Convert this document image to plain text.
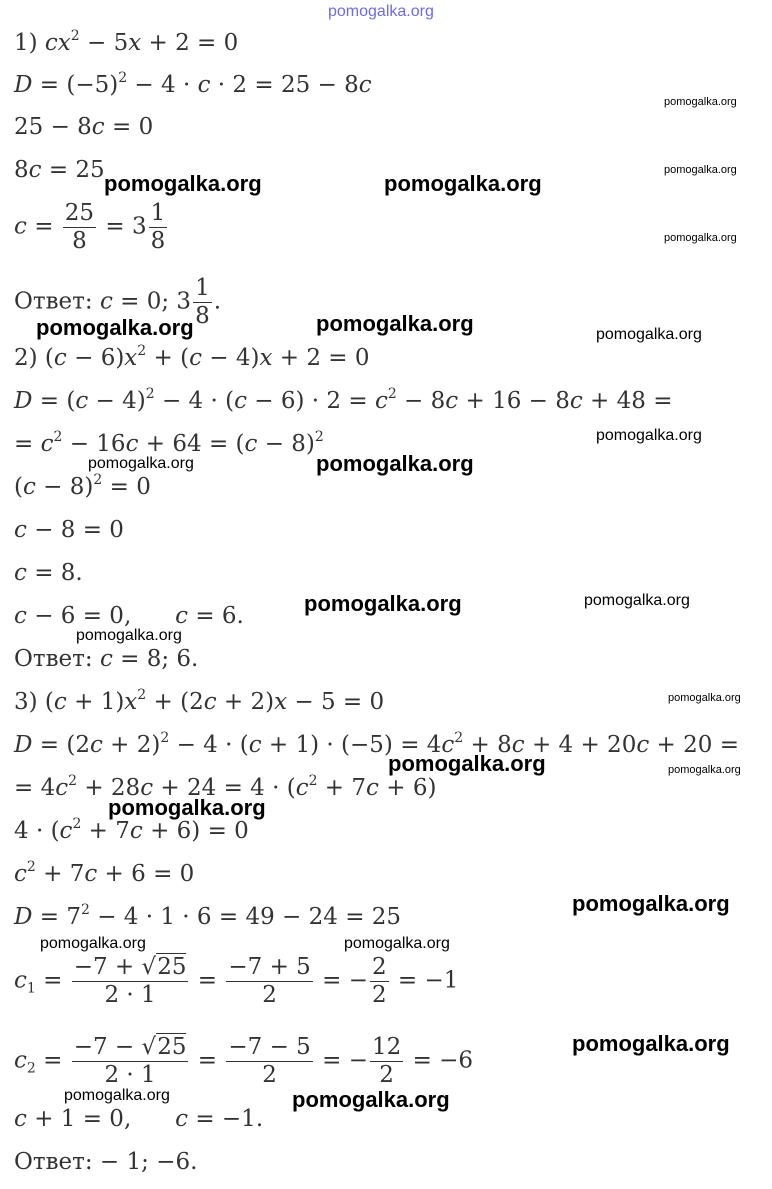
pomogalka.org
pomogalka.org
pomogalka.org
pomogalka.org
pomogalka.org	pomogalka.org
pomogalka.org	pomogalka.org	pomogalka.org
pomogalka.org
pomogalka.org	pomogalka.org
pomogalka.org	pomogalka.org
pomogalka.org
pomogalka.org
pomogalka.org
pomogalka.org
pomogalka.org
pomogalka.org
pomogalka.org	pomogalka.org
pomogalka.org
pomogalka.org	pomogalka.org
1) $cx^2 - 5x + 2 = 0$
$D = (-5)^2 - 4 \cdot c \cdot 2 = 25 - 8c$
25 − 8c = 0
8c = 25
$c = \frac{25}{8} = 3 \frac{1}{8}$
Ответ: c = 0; $3 \frac{1}{8}$ .
2) $(c - 6)x^2 + (c - 4)x + 2 = 0$
$D = (c - 4)^2 - 4 \cdot (c - 6) \cdot 2 = c^2 - 8c + 16 - 8c + 48$ =
= $c^2 - 16c + 64 = (c - 8)^2$
$(c - 8)^2 = 0$
c − 8 = 0
c = 8.
c − 6 = 0,      c = 6.
Ответ: c = 8; 6.
3) $(c + 1)x^2 + (2c + 2)x - 5 = 0$
$D = (2c + 2)^2 - 4 \cdot (c + 1) \cdot (-5) = 4c^2 + 8c + 4 + 20c + 20$ =
= $4c^2 + 28c + 24 = 4 \cdot (c^2 + 7c + 6)$
$4 \cdot (c^2 + 7c + 6) = 0$
$c^2 + 7c + 6 = 0$
$D = 7^2 - 4 \cdot 1 \cdot 6 = 49 - 24 = 25$
$c_1 = \frac{-7 + √25}{2 \cdot 1} = \frac{-7 + 5}{2}$ = − $\frac{2}{2} = -1$
$c_2 = \frac{-7 - √25}{2 \cdot 1} = \frac{-7 - 5}{2}$ = − $\frac{12}{2} = -6$
c + 1 = 0,      c = −1.
Ответ: − 1; −6.
